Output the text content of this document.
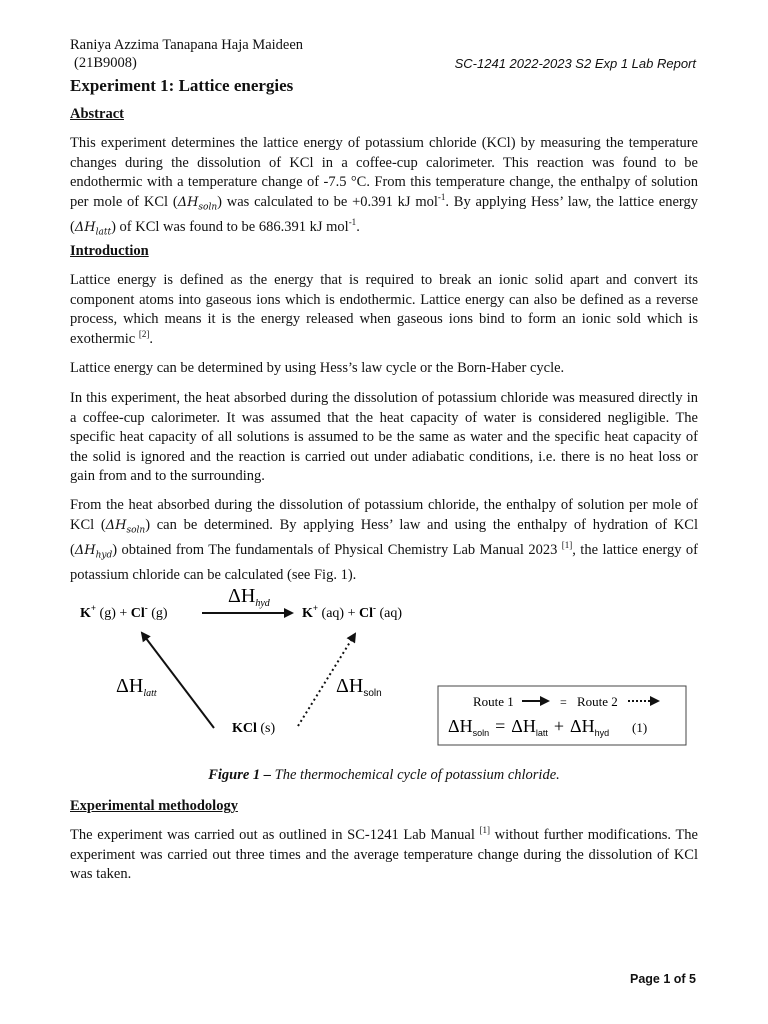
Raniya Azzima Tanapana Haja Maideen
(21B9008)	SC-1241 2022-2023 S2 Exp 1 Lab Report
Experiment 1: Lattice energies
Abstract

This experiment determines the lattice energy of potassium chloride (KCl) by measuring the temperature changes during the dissolution of KCl in a coffee-cup calorimeter. This reaction was found to be endothermic with a temperature change of -7.5 °C. From this temperature change, the enthalpy of solution per mole of KCl $(\Delta H_{soln})$ was calculated to be +0.391 kJ mol$^{-1}$. By applying Hess’ law, the lattice energy $(\Delta H_{latt})$ of KCl was found to be 686.391 kJ mol$^{-1}$.

Introduction

Lattice energy is defined as the energy that is required to break an ionic solid apart and convert its component atoms into gaseous ions which is endothermic. Lattice energy can also be defined as a reverse process, which means it is the energy released when gaseous ions bind to form an ionic sold which is exothermic [2].

Lattice energy can be determined by using Hess’s law cycle or the Born-Haber cycle.

In this experiment, the heat absorbed during the dissolution of potassium chloride was measured directly in a coffee-cup calorimeter. It was assumed that the heat capacity of water is considered negligible. The specific heat capacity of all solutions is assumed to be the same as water and the specific heat capacity of the solid is ignored and the reaction is carried out under adiabatic conditions, i.e. there is no heat loss or gain from and to the surrounding.

From the heat absorbed during the dissolution of potassium chloride, the enthalpy of solution per mole of KCl $(\Delta H_{soln})$ can be determined. By applying Hess’ law and using the enthalpy of hydration of KCl $(\Delta H_{hyd})$ obtained from The fundamentals of Physical Chemistry Lab Manual 2023 [1], the lattice energy of potassium chloride can be calculated (see Fig. 1).

K+ (g) + Cl- (g)	K+ (aq) + Cl- (aq)
$\Delta H_{hyd}$
$\Delta H_{latt}$	$\Delta H_{soln}$
KCl (s)
Route 1	= Route 2
$\Delta H_{soln} = \Delta H_{latt} + \Delta H_{hyd}$ (1)
Figure 1 – The thermochemical cycle of potassium chloride.
Experimental methodology

The experiment was carried out as outlined in SC-1241 Lab Manual [1] without further modifications. The experiment was carried out three times and the average temperature change during the dissolution of KCl was taken.

Page 1 of 5
